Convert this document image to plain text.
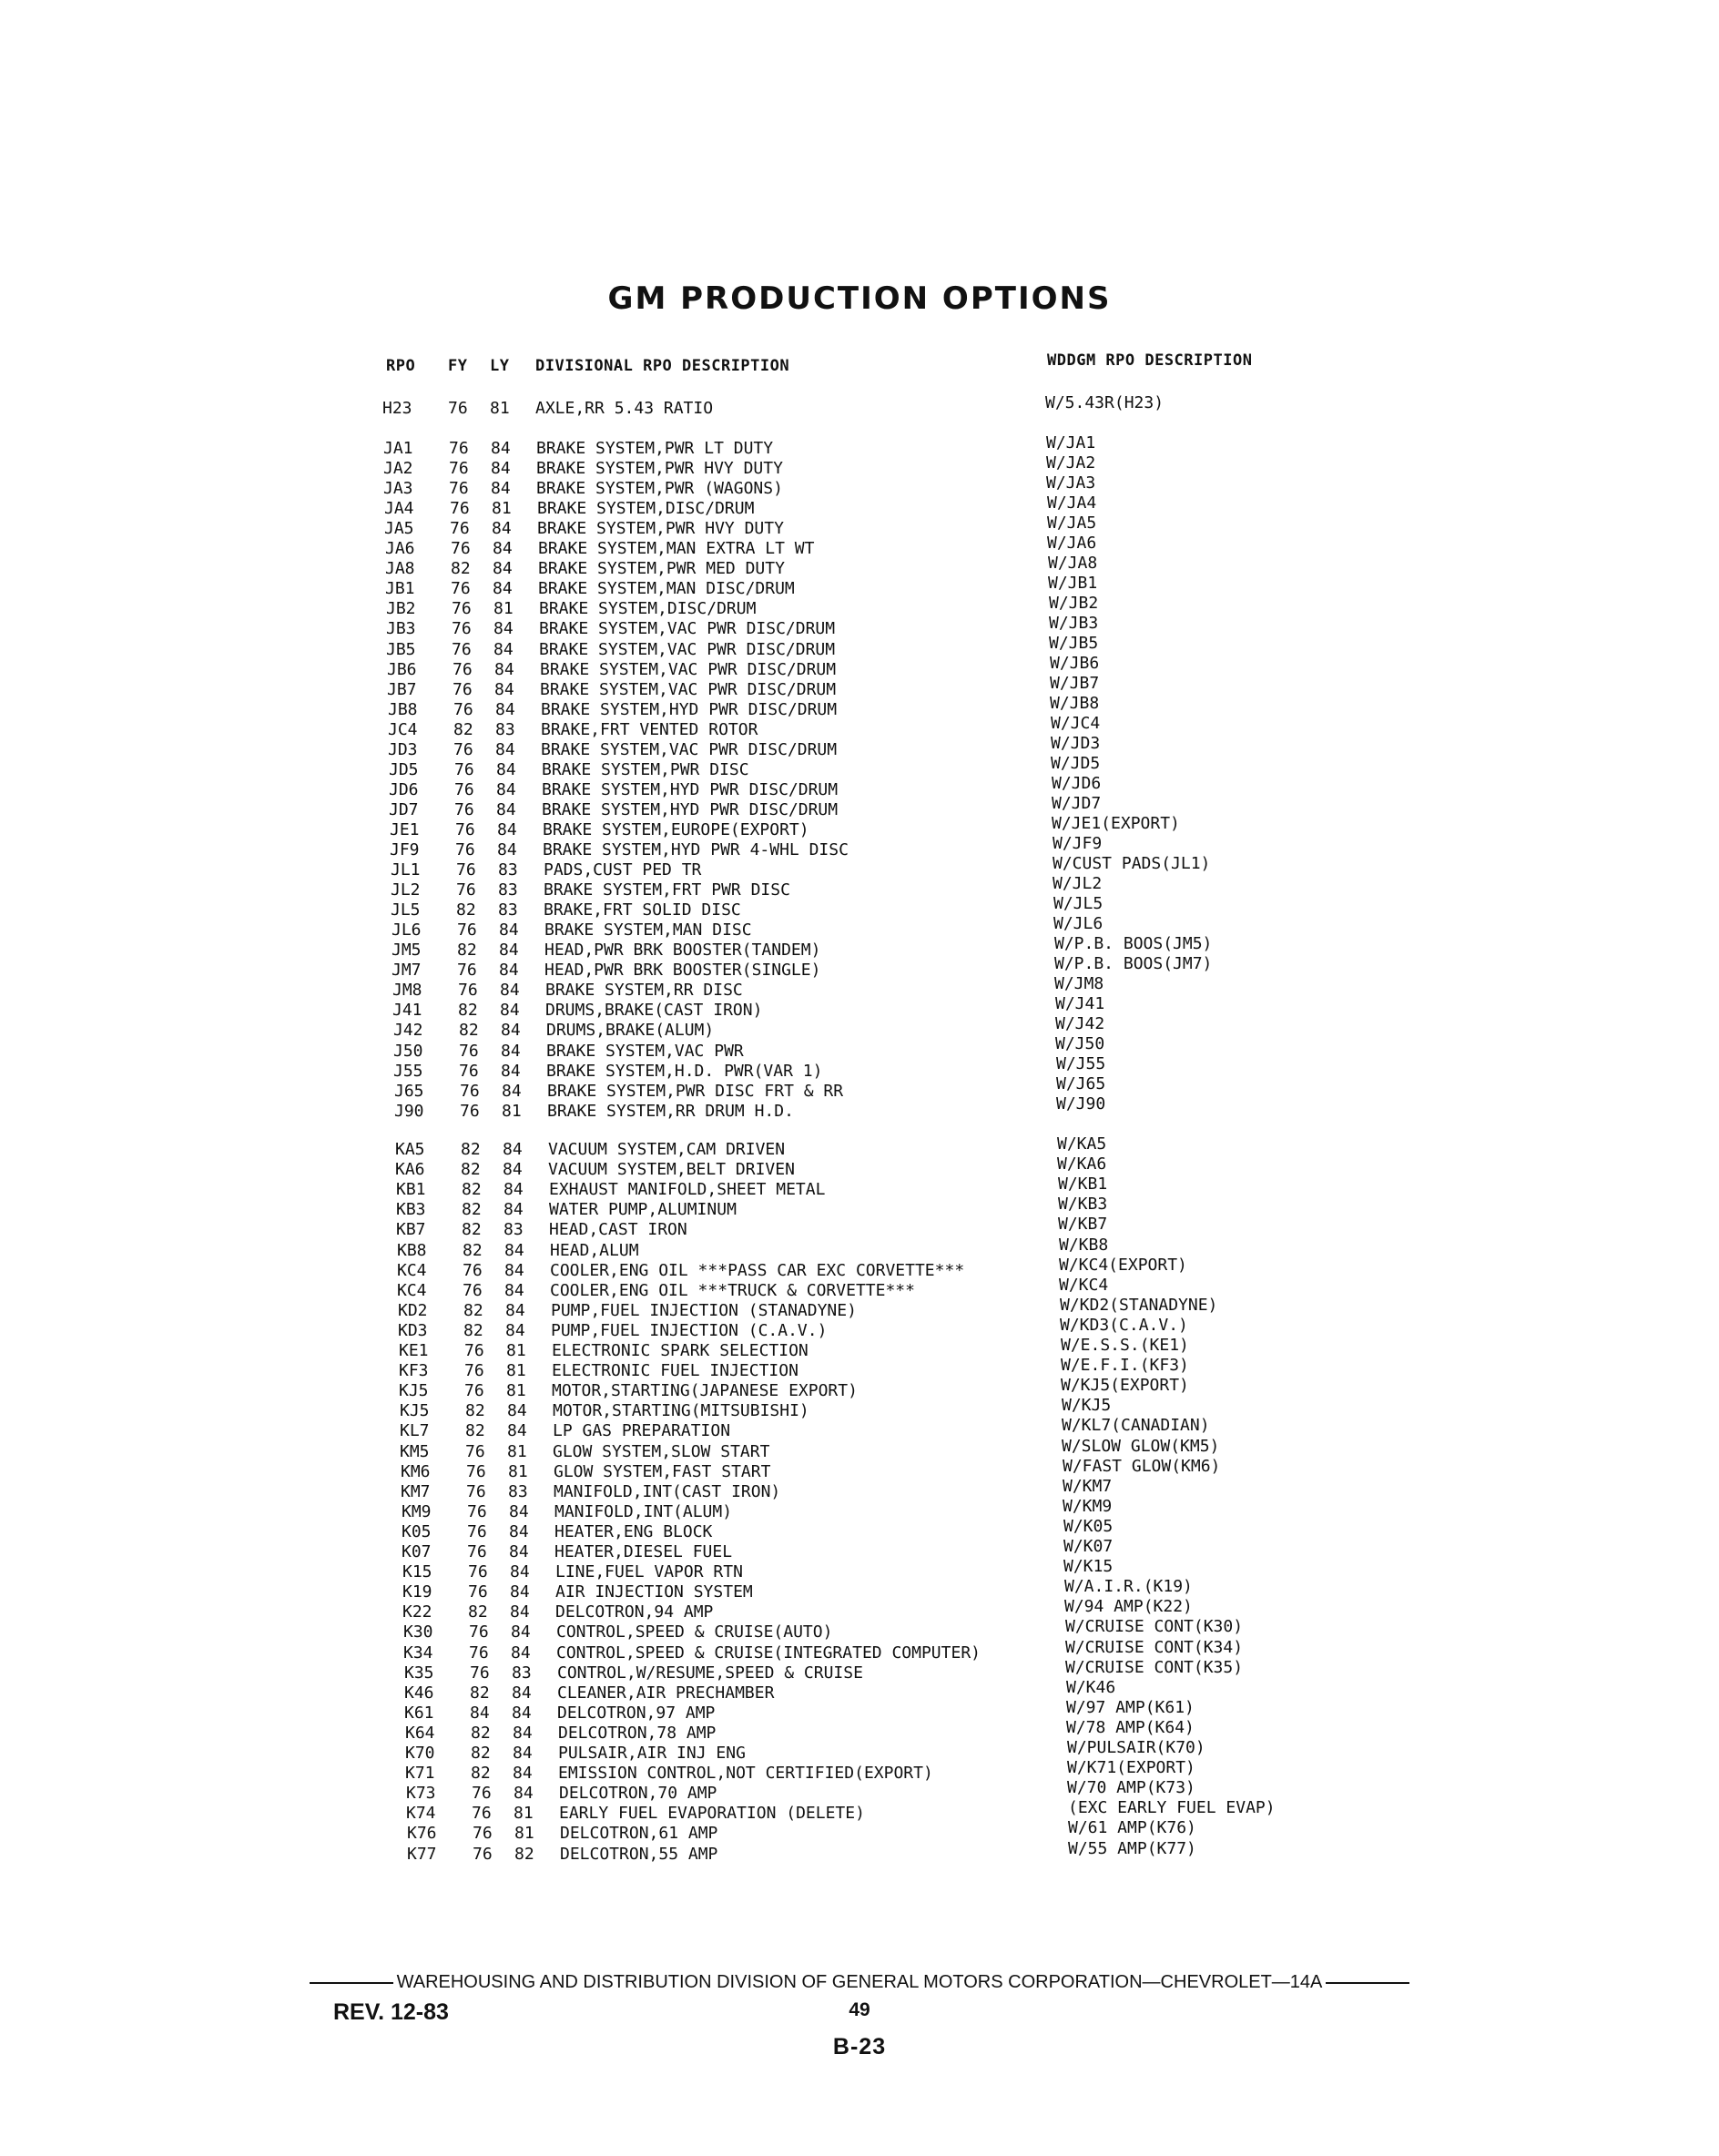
GM PRODUCTION OPTIONS
RPO FY LY DIVISIONAL RPO DESCRIPTION	WDDGM RPO DESCRIPTION
H23 76 81 AXLE,RR 5.43 RATIO
JA1 76 84 BRAKE SYSTEM,PWR LT DUTY
JA2 76 84 BRAKE SYSTEM,PWR HVY DUTY
JA3 76 84 BRAKE SYSTEM,PWR (WAGONS)
JA4 76 81 BRAKE SYSTEM,DISC/DRUM
JA5 76 84 BRAKE SYSTEM,PWR HVY DUTY
JA6 76 84 BRAKE SYSTEM,MAN EXTRA LT WT
JA8 82 84 BRAKE SYSTEM,PWR MED DUTY
JB1 76 84 BRAKE SYSTEM,MAN DISC/DRUM
JB2 76 81 BRAKE SYSTEM,DISC/DRUM
JB3 76 84 BRAKE SYSTEM,VAC PWR DISC/DRUM
JB5 76 84 BRAKE SYSTEM,VAC PWR DISC/DRUM
JB6 76 84 BRAKE SYSTEM,VAC PWR DISC/DRUM
JB7 76 84 BRAKE SYSTEM,VAC PWR DISC/DRUM
JB8 76 84 BRAKE SYSTEM,HYD PWR DISC/DRUM
JC4 82 83 BRAKE,FRT VENTED ROTOR
JD3 76 84 BRAKE SYSTEM,VAC PWR DISC/DRUM
JD5 76 84 BRAKE SYSTEM,PWR DISC
JD6 76 84 BRAKE SYSTEM,HYD PWR DISC/DRUM
JD7 76 84 BRAKE SYSTEM,HYD PWR DISC/DRUM
JE1 76 84 BRAKE SYSTEM,EUROPE(EXPORT)
JF9 76 84 BRAKE SYSTEM,HYD PWR 4-WHL DISC
JL1 76 83 PADS,CUST PED TR
JL2 76 83 BRAKE SYSTEM,FRT PWR DISC
JL5 82 83 BRAKE,FRT SOLID DISC
JL6 76 84 BRAKE SYSTEM,MAN DISC
JM5 82 84 HEAD,PWR BRK BOOSTER(TANDEM)
JM7 76 84 HEAD,PWR BRK BOOSTER(SINGLE)
JM8 76 84 BRAKE SYSTEM,RR DISC
J41 82 84 DRUMS,BRAKE(CAST IRON)
J42 82 84 DRUMS,BRAKE(ALUM)
J50 76 84 BRAKE SYSTEM,VAC PWR
J55 76 84 BRAKE SYSTEM,H.D. PWR(VAR 1)
J65 76 84 BRAKE SYSTEM,PWR DISC FRT & RR
J90 76 81 BRAKE SYSTEM,RR DRUM H.D.
KA5 82 84 VACUUM SYSTEM,CAM DRIVEN
KA6 82 84 VACUUM SYSTEM,BELT DRIVEN
KB1 82 84 EXHAUST MANIFOLD,SHEET METAL
KB3 82 84 WATER PUMP,ALUMINUM
KB7 82 83 HEAD,CAST IRON
KB8 82 84 HEAD,ALUM
KC4 76 84 COOLER,ENG OIL ***PASS CAR EXC CORVETTE***
KC4 76 84 COOLER,ENG OIL ***TRUCK & CORVETTE***
KD2 82 84 PUMP,FUEL INJECTION (STANADYNE)
KD3 82 84 PUMP,FUEL INJECTION (C.A.V.)
KE1 76 81 ELECTRONIC SPARK SELECTION
KF3 76 81 ELECTRONIC FUEL INJECTION
KJ5 76 81 MOTOR,STARTING(JAPANESE EXPORT)
KJ5 82 84 MOTOR,STARTING(MITSUBISHI)
KL7 82 84 LP GAS PREPARATION
KM5 76 81 GLOW SYSTEM,SLOW START
KM6 76 81 GLOW SYSTEM,FAST START
KM7 76 83 MANIFOLD,INT(CAST IRON)
KM9 76 84 MANIFOLD,INT(ALUM)
K05 76 84 HEATER,ENG BLOCK
K07 76 84 HEATER,DIESEL FUEL
K15 76 84 LINE,FUEL VAPOR RTN
K19 76 84 AIR INJECTION SYSTEM
K22 82 84 DELCOTRON,94 AMP
K30 76 84 CONTROL,SPEED & CRUISE(AUTO)
K34 76 84 CONTROL,SPEED & CRUISE(INTEGRATED COMPUTER)
K35 76 83 CONTROL,W/RESUME,SPEED & CRUISE
K46 82 84 CLEANER,AIR PRECHAMBER
K61 84 84 DELCOTRON,97 AMP
K64 82 84 DELCOTRON,78 AMP
K70 82 84 PULSAIR,AIR INJ ENG
K71 82 84 EMISSION CONTROL,NOT CERTIFIED(EXPORT)
K73 76 84 DELCOTRON,70 AMP
K74 76 81 EARLY FUEL EVAPORATION (DELETE)
K76 76 81 DELCOTRON,61 AMP
K77 76 82 DELCOTRON,55 AMP
W/5.43R(H23)
W/JA1
W/JA2
W/JA3
W/JA4
W/JA5
W/JA6
W/JA8
W/JB1
W/JB2
W/JB3
W/JB5
W/JB6
W/JB7
W/JB8
W/JC4
W/JD3
W/JD5
W/JD6
W/JD7
W/JE1(EXPORT)
W/JF9
W/CUST PADS(JL1)
W/JL2
W/JL5
W/JL6
W/P.B. BOOS(JM5)
W/P.B. BOOS(JM7)
W/JM8
W/J41
W/J42
W/J50
W/J55
W/J65
W/J90
W/KA5
W/KA6
W/KB1
W/KB3
W/KB7
W/KB8
W/KC4(EXPORT)
W/KC4
W/KD2(STANADYNE)
W/KD3(C.A.V.)
W/E.S.S.(KE1)
W/E.F.I.(KF3)
W/KJ5(EXPORT)
W/KJ5
W/KL7(CANADIAN)
W/SLOW GLOW(KM5)
W/FAST GLOW(KM6)
W/KM7
W/KM9
W/K05
W/K07
W/K15
W/A.I.R.(K19)
W/94 AMP(K22)
W/CRUISE CONT(K30)
W/CRUISE CONT(K34)
W/CRUISE CONT(K35)
W/K46
W/97 AMP(K61)
W/78 AMP(K64)
W/PULSAIR(K70)
W/K71(EXPORT)
W/70 AMP(K73)
(EXC EARLY FUEL EVAP)
W/61 AMP(K76)
W/55 AMP(K77)
WAREHOUSING AND DISTRIBUTION DIVISION OF GENERAL MOTORS CORPORATION—CHEVROLET—14A
REV. 12-83	49
B-23
